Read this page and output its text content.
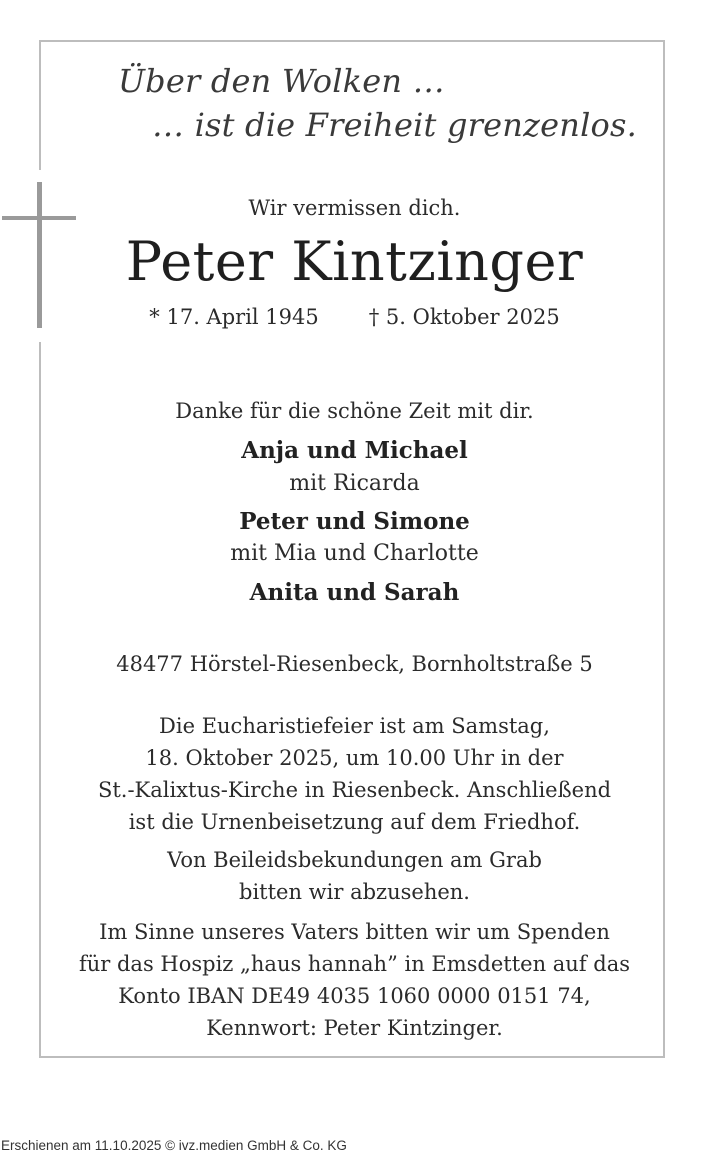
Über den Wolken …
… ist die Freiheit grenzenlos.
Wir vermissen dich.
Peter Kintzinger
* 17. April 1945 † 5. Oktober 2025
Danke für die schöne Zeit mit dir.
Anja und Michael
mit Ricarda
Peter und Simone
mit Mia und Charlotte
Anita und Sarah
48477 Hörstel-Riesenbeck, Bornholtstraße 5
Die Eucharistiefeier ist am Samstag,
18. Oktober 2025, um 10.00 Uhr in der
St.-Kalixtus-Kirche in Riesenbeck. Anschließend
ist die Urnenbeisetzung auf dem Friedhof.
Von Beileidsbekundungen am Grab
bitten wir abzusehen.
Im Sinne unseres Vaters bitten wir um Spenden
für das Hospiz „haus hannah” in Emsdetten auf das
Konto IBAN DE49 4035 1060 0000 0151 74,
Kennwort: Peter Kintzinger.
Erschienen am 11.10.2025 © ivz.medien GmbH & Co. KG
